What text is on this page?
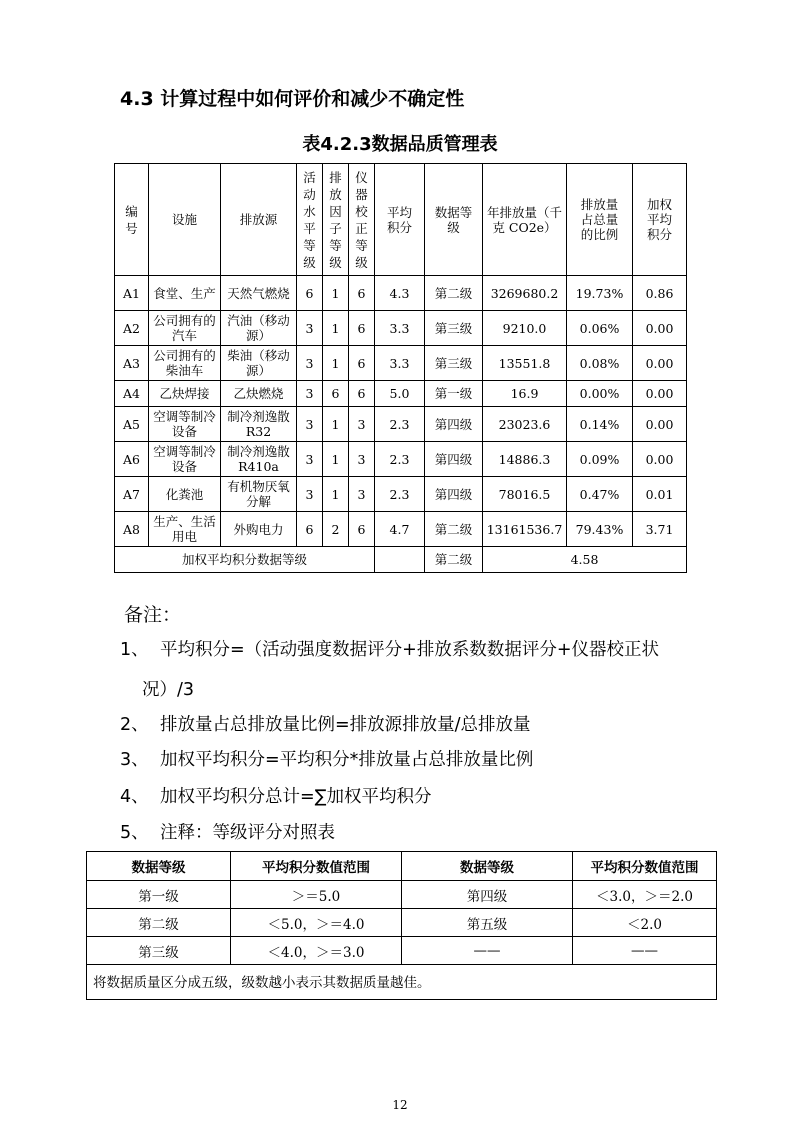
4.3 计算过程中如何评价和减少不确定性
表4.2.3数据品质管理表
编号	设施	排放源	活动水平等级	排放因子等级	仪器校正等级	平均积分	数据等级	年排放量（千克 CO2e）	排放量占总量的比例	加权平均积分
A1	食堂、生产	天然气燃烧	6	1	6	4.3	第二级	3269680.2	19.73%	0.86
A2	公司拥有的汽车	汽油（移动源）	3	1	6	3.3	第三级	9210.0	0.06%	0.00
A3	公司拥有的柴油车	柴油（移动源）	3	1	6	3.3	第三级	13551.8	0.08%	0.00
A4	乙炔焊接	乙炔燃烧	3	6	6	5.0	第一级	16.9	0.00%	0.00
A5	空调等制冷设备	制冷剂逸散 R32	3	1	3	2.3	第四级	23023.6	0.14%	0.00
A6	空调等制冷设备	制冷剂逸散 R410a	3	1	3	2.3	第四级	14886.3	0.09%	0.00
A7	化粪池	有机物厌氧分解	3	1	3	2.3	第四级	78016.5	0.47%	0.01
A8	生产、生活用电	外购电力	6	2	6	4.7	第二级	13161536.7	79.43%	3.71
加权平均积分数据等级							第二级	4.58		
备注：
1、 平均积分=（活动强度数据评分+排放系数数据评分+仪器校正状
况）/3
2、 排放量占总排放量比例=排放源排放量/总排放量
3、 加权平均积分=平均积分*排放量占总排放量比例
4、 加权平均积分总计=∑加权平均积分
5、 注释：等级评分对照表
数据等级	平均积分数值范围	数据等级	平均积分数值范围
第一级	＞＝5.0	第四级	＜3.0，＞＝2.0
第二级	＜5.0，＞＝4.0	第五级	＜2.0
第三级	＜4.0，＞＝3.0	——	——
将数据质量区分成五级，级数越小表示其数据质量越佳。			
12
